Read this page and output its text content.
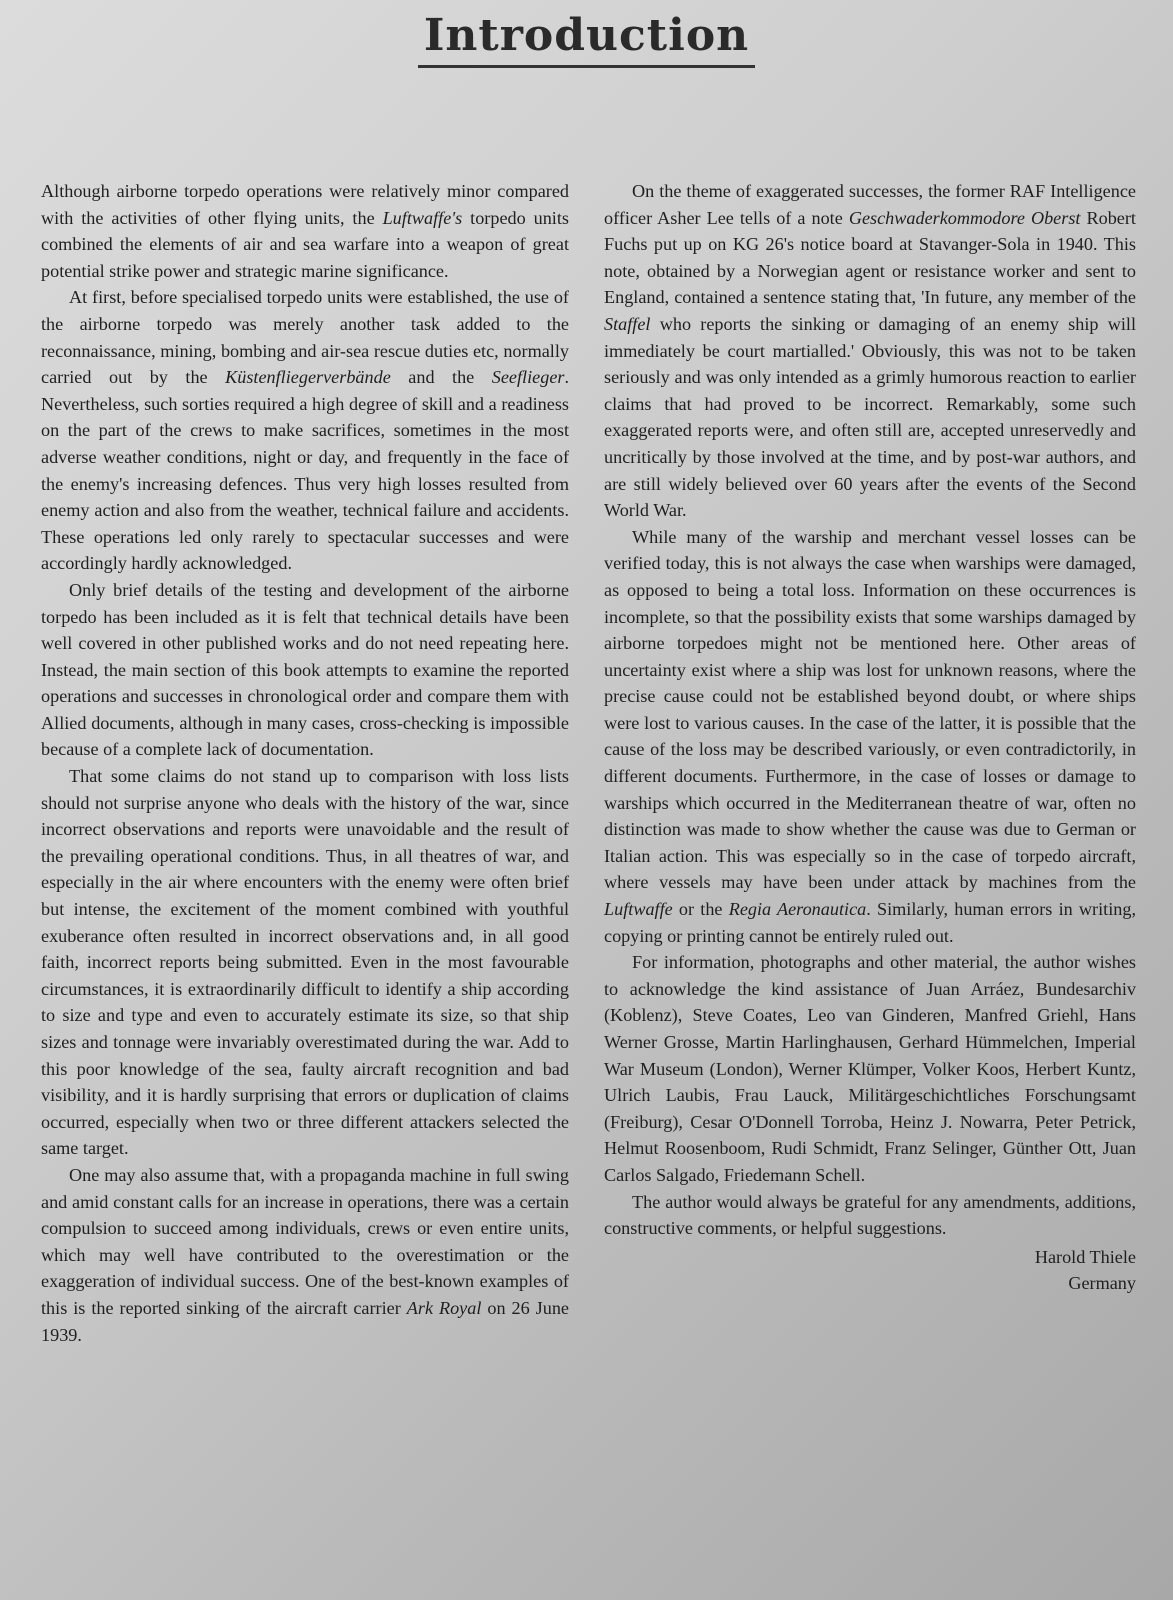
Introduction

Although airborne torpedo operations were relatively minor compared with the activities of other flying units, the Luftwaffe's torpedo units combined the elements of air and sea warfare into a weapon of great potential strike power and strategic marine significance.

At first, before specialised torpedo units were established, the use of the airborne torpedo was merely another task added to the reconnaissance, mining, bombing and air-sea rescue duties etc, normally carried out by the Küstenfliegerverbände and the Seeflieger. Nevertheless, such sorties required a high degree of skill and a readiness on the part of the crews to make sacrifices, sometimes in the most adverse weather conditions, night or day, and frequently in the face of the enemy's increasing defences. Thus very high losses resulted from enemy action and also from the weather, technical failure and accidents. These operations led only rarely to spectacular successes and were accordingly hardly acknowledged.

Only brief details of the testing and development of the airborne torpedo has been included as it is felt that technical details have been well covered in other published works and do not need repeating here. Instead, the main section of this book attempts to examine the reported operations and successes in chronological order and compare them with Allied documents, although in many cases, cross-checking is impossible because of a complete lack of documentation.

That some claims do not stand up to comparison with loss lists should not surprise anyone who deals with the history of the war, since incorrect observations and reports were unavoidable and the result of the prevailing operational conditions. Thus, in all theatres of war, and especially in the air where encounters with the enemy were often brief but intense, the excitement of the moment combined with youthful exuberance often resulted in incorrect observations and, in all good faith, incorrect reports being submitted. Even in the most favourable circumstances, it is extraordinarily difficult to identify a ship according to size and type and even to accurately estimate its size, so that ship sizes and tonnage were invariably overestimated during the war. Add to this poor knowledge of the sea, faulty aircraft recognition and bad visibility, and it is hardly surprising that errors or duplication of claims occurred, especially when two or three different attackers selected the same target.

One may also assume that, with a propaganda machine in full swing and amid constant calls for an increase in operations, there was a certain compulsion to succeed among individuals, crews or even entire units, which may well have contributed to the overestimation or the exaggeration of individual success. One of the best-known examples of this is the reported sinking of the aircraft carrier Ark Royal on 26 June 1939.

On the theme of exaggerated successes, the former RAF Intelligence officer Asher Lee tells of a note Geschwaderkommodore Oberst Robert Fuchs put up on KG 26's notice board at Stavanger-Sola in 1940. This note, obtained by a Norwegian agent or resistance worker and sent to England, contained a sentence stating that, 'In future, any member of the Staffel who reports the sinking or damaging of an enemy ship will immediately be court martialled.' Obviously, this was not to be taken seriously and was only intended as a grimly humorous reaction to earlier claims that had proved to be incorrect. Remarkably, some such exaggerated reports were, and often still are, accepted unreservedly and uncritically by those involved at the time, and by post-war authors, and are still widely believed over 60 years after the events of the Second World War.

While many of the warship and merchant vessel losses can be verified today, this is not always the case when warships were damaged, as opposed to being a total loss. Information on these occurrences is incomplete, so that the possibility exists that some warships damaged by airborne torpedoes might not be mentioned here. Other areas of uncertainty exist where a ship was lost for unknown reasons, where the precise cause could not be established beyond doubt, or where ships were lost to various causes. In the case of the latter, it is possible that the cause of the loss may be described variously, or even contradictorily, in different documents. Furthermore, in the case of losses or damage to warships which occurred in the Mediterranean theatre of war, often no distinction was made to show whether the cause was due to German or Italian action. This was especially so in the case of torpedo aircraft, where vessels may have been under attack by machines from the Luftwaffe or the Regia Aeronautica. Similarly, human errors in writing, copying or printing cannot be entirely ruled out.

For information, photographs and other material, the author wishes to acknowledge the kind assistance of Juan Arráez, Bundesarchiv (Koblenz), Steve Coates, Leo van Ginderen, Manfred Griehl, Hans Werner Grosse, Martin Harlinghausen, Gerhard Hümmelchen, Imperial War Museum (London), Werner Klümper, Volker Koos, Herbert Kuntz, Ulrich Laubis, Frau Lauck, Militärgeschichtliches Forschungsamt (Freiburg), Cesar O'Donnell Torroba, Heinz J. Nowarra, Peter Petrick, Helmut Roosenboom, Rudi Schmidt, Franz Selinger, Günther Ott, Juan Carlos Salgado, Friedemann Schell.

The author would always be grateful for any amendments, additions, constructive comments, or helpful suggestions.

Harold Thiele
Germany
